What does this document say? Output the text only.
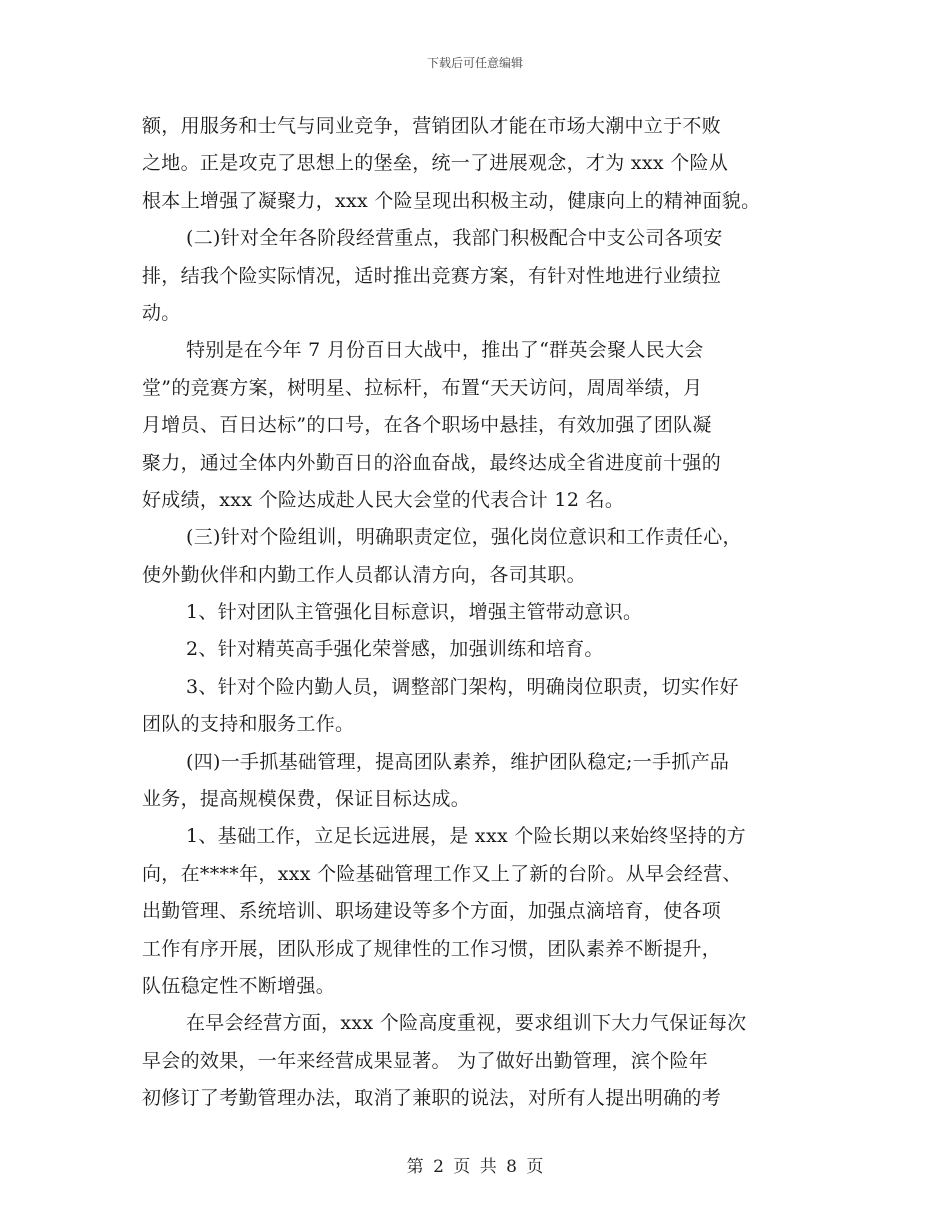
下载后可任意编辑
额，用服务和士气与同业竞争，营销团队才能在市场大潮中立于不败
之地。正是攻克了思想上的堡垒，统一了进展观念，才为 xxx 个险从
根本上增强了凝聚力，xxx 个险呈现出积极主动，健康向上的精神面貌。
(二)针对全年各阶段经营重点，我部门积极配合中支公司各项安
排，结我个险实际情况，适时推出竞赛方案，有针对性地进行业绩拉
动。
特别是在今年 7 月份百日大战中，推出了“群英会聚人民大会
堂”的竞赛方案，树明星、拉标杆，布置“天天访问，周周举绩，月
月增员、百日达标”的口号，在各个职场中悬挂，有效加强了团队凝
聚力，通过全体内外勤百日的浴血奋战，最终达成全省进度前十强的
好成绩，xxx 个险达成赴人民大会堂的代表合计 12 名。
(三)针对个险组训，明确职责定位，强化岗位意识和工作责任心，
使外勤伙伴和内勤工作人员都认清方向，各司其职。
1、针对团队主管强化目标意识，增强主管带动意识。
2、针对精英高手强化荣誉感，加强训练和培育。
3、针对个险内勤人员，调整部门架构，明确岗位职责，切实作好
团队的支持和服务工作。
(四)一手抓基础管理，提高团队素养，维护团队稳定;一手抓产品
业务，提高规模保费，保证目标达成。
1、基础工作，立足长远进展，是 xxx 个险长期以来始终坚持的方
向，在****年，xxx 个险基础管理工作又上了新的台阶。从早会经营、
出勤管理、系统培训、职场建设等多个方面，加强点滴培育，使各项
工作有序开展，团队形成了规律性的工作习惯，团队素养不断提升，
队伍稳定性不断增强。
在早会经营方面，xxx 个险高度重视，要求组训下大力气保证每次
早会的效果，一年来经营成果显著。 为了做好出勤管理，滨个险年
初修订了考勤管理办法，取消了兼职的说法，对所有人提出明确的考
第 2 页 共 8 页
